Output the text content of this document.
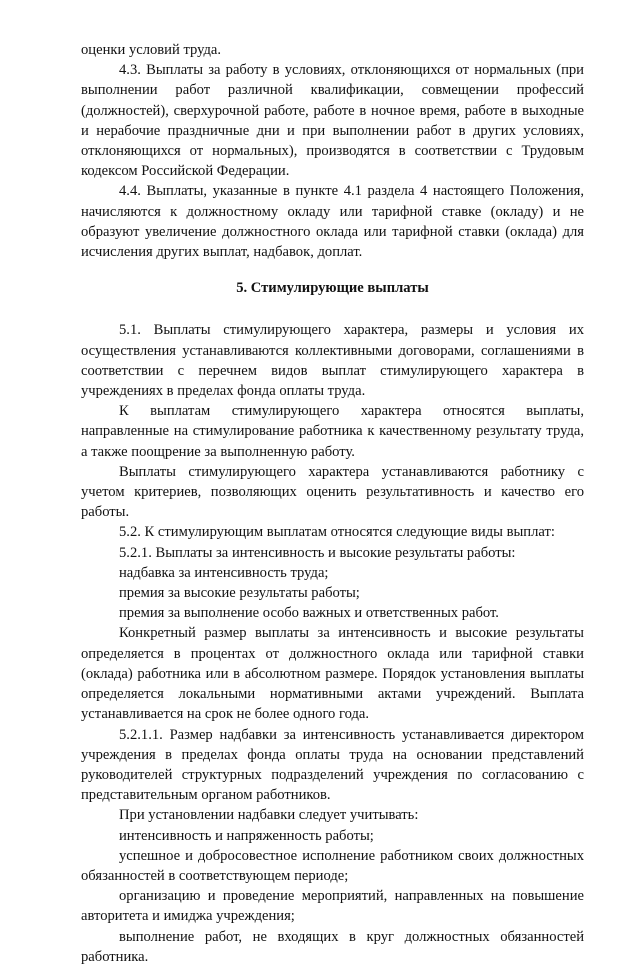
оценки условий труда.

4.3. Выплаты за работу в условиях, отклоняющихся от нормальных (при выполнении работ различной квалификации, совмещении профессий (должностей), сверхурочной работе, работе в ночное время, работе в выходные и нерабочие праздничные дни и при выполнении работ в других условиях, отклоняющихся от нормальных), производятся в соответствии с Трудовым кодексом Российской Федерации.

4.4. Выплаты, указанные в пункте 4.1 раздела 4 настоящего Положения, начисляются к должностному окладу или тарифной ставке (окладу) и не образуют увеличение должностного оклада или тарифной ставки (оклада) для исчисления других выплат, надбавок, доплат.

5. Стимулирующие выплаты

5.1. Выплаты стимулирующего характера, размеры и условия их осуществления устанавливаются коллективными договорами, соглашениями в соответствии с перечнем видов выплат стимулирующего характера в учреждениях в пределах фонда оплаты труда.

К выплатам стимулирующего характера относятся выплаты, направленные на стимулирование работника к качественному результату труда, а также поощрение за выполненную работу.

Выплаты стимулирующего характера устанавливаются работнику с учетом критериев, позволяющих оценить результативность и качество его работы.

5.2. К стимулирующим выплатам относятся следующие виды выплат:

5.2.1. Выплаты за интенсивность и высокие результаты работы:

надбавка за интенсивность труда;

премия за высокие результаты работы;

премия за выполнение особо важных и ответственных работ.

Конкретный размер выплаты за интенсивность и высокие результаты определяется в процентах от должностного оклада или тарифной ставки (оклада) работника или в абсолютном размере. Порядок установления выплаты определяется локальными нормативными актами учреждений. Выплата устанавливается на срок не более одного года.

5.2.1.1. Размер надбавки за интенсивность устанавливается директором учреждения в пределах фонда оплаты труда на основании представлений руководителей структурных подразделений учреждения по согласованию с представительным органом работников.

При установлении надбавки следует учитывать:

интенсивность и напряженность работы;

успешное и добросовестное исполнение работником своих должностных обязанностей в соответствующем периоде;

организацию и проведение мероприятий, направленных на повышение авторитета и имиджа учреждения;

выполнение работ, не входящих в круг должностных обязанностей работника.
